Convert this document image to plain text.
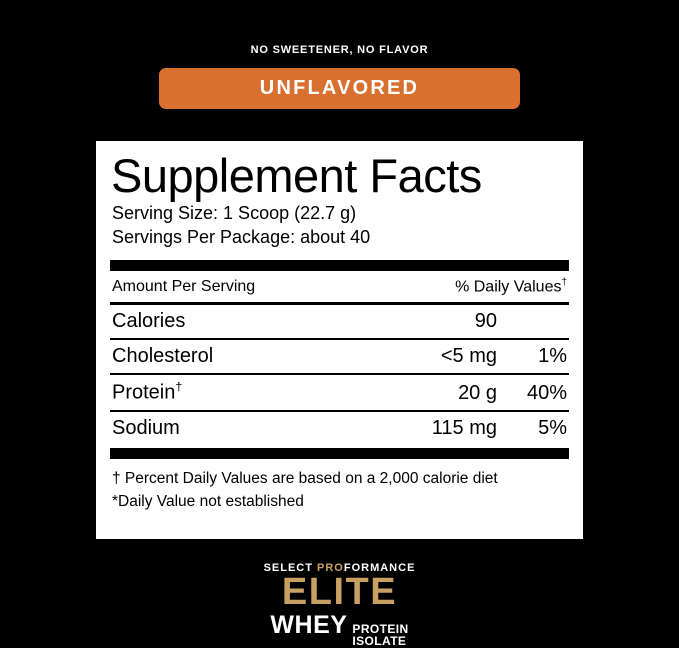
NO SWEETENER, NO FLAVOR
UNFLAVORED
Supplement Facts
Serving Size: 1 Scoop (22.7 g)
Servings Per Package: about 40
Amount Per Serving	% Daily Values†
Calories	90
Cholesterol	<5 mg	1%
Protein†	20 g	40%
Sodium	115 mg	5%
† Percent Daily Values are based on a 2,000 calorie diet
*Daily Value not established
SELECT PROFORMANCE
ELITE
WHEY PROTEIN
ISOLATE
